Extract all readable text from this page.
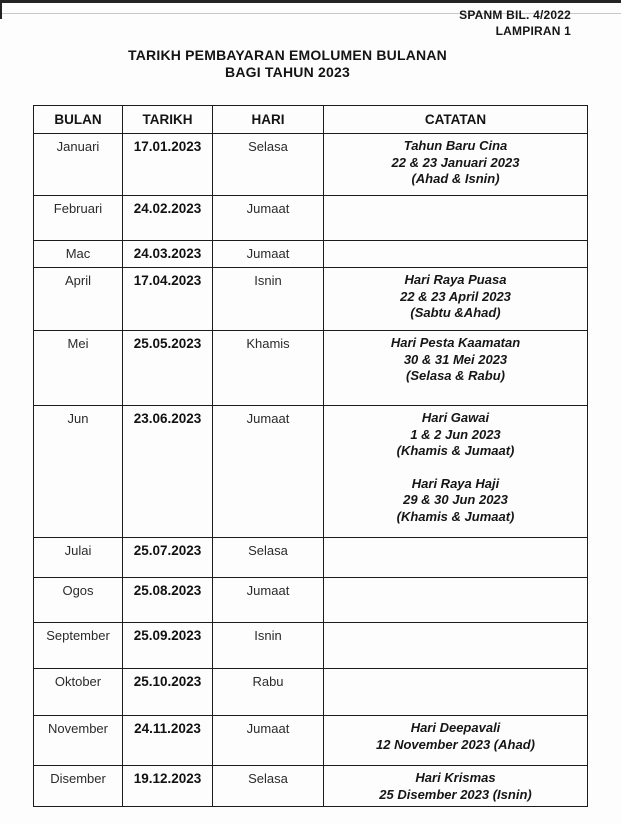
SPANM BIL. 4/2022
LAMPIRAN 1
TARIKH PEMBAYARAN EMOLUMEN BULANAN
BAGI TAHUN 2023
BULAN	TARIKH	HARI	CATATAN
Januari	17.01.2023	Selasa	Tahun Baru Cina
22 & 23 Januari 2023
(Ahad & Isnin)

Februari	24.02.2023	Jumaat	
Mac	24.03.2023	Jumaat	
April	17.04.2023	Isnin	Hari Raya Puasa
22 & 23 April 2023
(Sabtu &Ahad)

Mei	25.05.2023	Khamis	Hari Pesta Kaamatan
30 & 31 Mei 2023
(Selasa & Rabu)

Jun	23.06.2023	Jumaat	Hari Gawai
1 & 2 Jun 2023
(Khamis & Jumaat)
Hari Raya Haji
29 & 30 Jun 2023
(Khamis & Jumaat)

Julai	25.07.2023	Selasa	
Ogos	25.08.2023	Jumaat	
September	25.09.2023	Isnin	
Oktober	25.10.2023	Rabu	
November	24.11.2023	Jumaat	Hari Deepavali
12 November 2023 (Ahad)

Disember	19.12.2023	Selasa	Hari Krismas
25 Disember 2023 (Isnin)
